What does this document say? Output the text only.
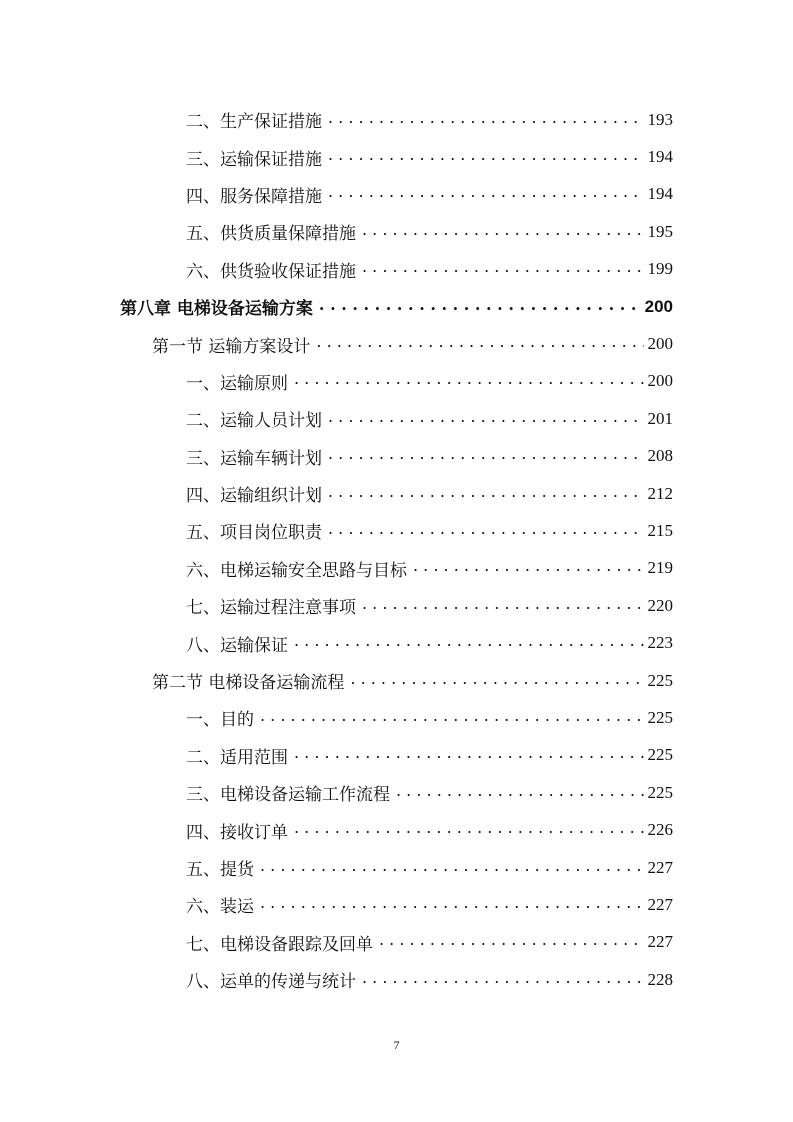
二、生产保证措施 . . .	193
三、运输保证措施 . . .	194
四、服务保障措施 . . .	194
五、供货质量保障措施 . . .	195
六、供货验收保证措施 . . .	199
第八章 电梯设备运输方案 . . .	200
第一节 运输方案设计 . . .	200
一、运输原则 . . .	200
二、运输人员计划 . . .	201
三、运输车辆计划 . . .	208
四、运输组织计划 . . .	212
五、项目岗位职责 . . .	215
六、电梯运输安全思路与目标 . . .	219
七、运输过程注意事项 . . .	220
八、运输保证 . . .	223
第二节 电梯设备运输流程 . . .	225
一、目的 . . .	225
二、适用范围 . . .	225
三、电梯设备运输工作流程 . . .	225
四、接收订单 . . .	226
五、提货 . . .	227
六、装运 . . .	227
七、电梯设备跟踪及回单 . . .	227
八、运单的传递与统计 . . .	228
7
